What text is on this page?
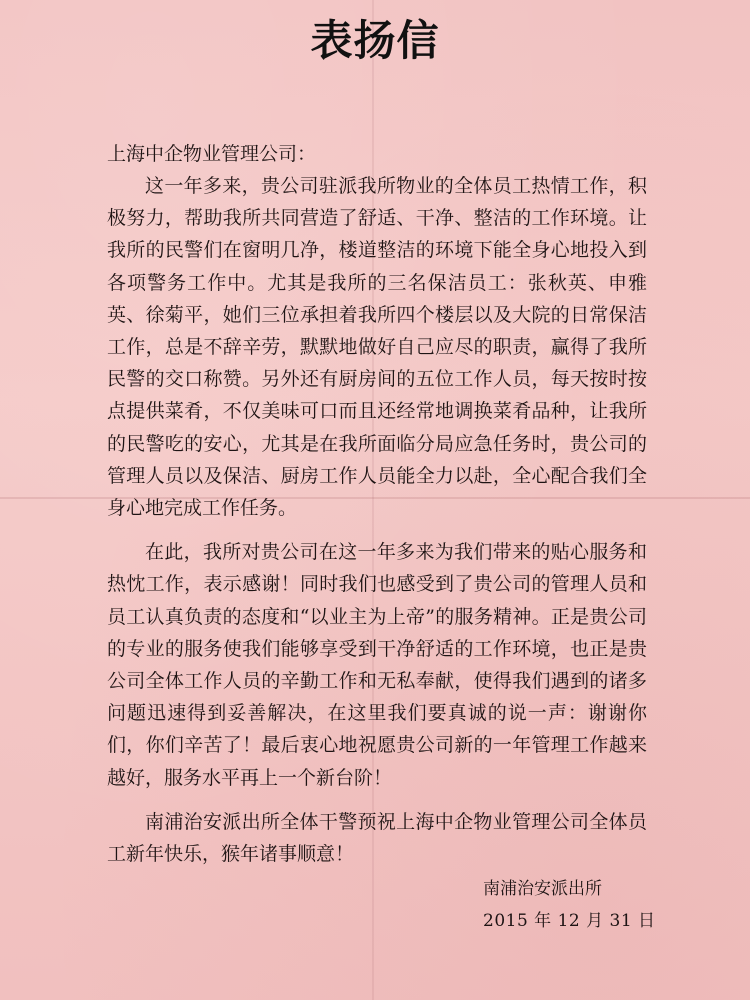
表扬信
上海中企物业管理公司：

这一年多来，贵公司驻派我所物业的全体员工热情工作，积极努力，帮助我所共同营造了舒适、干净、整洁的工作环境。让我所的民警们在窗明几净，楼道整洁的环境下能全身心地投入到各项警务工作中。尤其是我所的三名保洁员工：张秋英、申雅英、徐菊平，她们三位承担着我所四个楼层以及大院的日常保洁工作，总是不辞辛劳，默默地做好自己应尽的职责，赢得了我所民警的交口称赞。另外还有厨房间的五位工作人员，每天按时按点提供菜肴，不仅美味可口而且还经常地调换菜肴品种，让我所的民警吃的安心，尤其是在我所面临分局应急任务时，贵公司的管理人员以及保洁、厨房工作人员能全力以赴，全心配合我们全身心地完成工作任务。

在此，我所对贵公司在这一年多来为我们带来的贴心服务和热忱工作，表示感谢！同时我们也感受到了贵公司的管理人员和员工认真负责的态度和“以业主为上帝”的服务精神。正是贵公司的专业的服务使我们能够享受到干净舒适的工作环境，也正是贵公司全体工作人员的辛勤工作和无私奉献，使得我们遇到的诸多问题迅速得到妥善解决，在这里我们要真诚的说一声：谢谢你们，你们辛苦了！最后衷心地祝愿贵公司新的一年管理工作越来越好，服务水平再上一个新台阶！

南浦治安派出所全体干警预祝上海中企物业管理公司全体员工新年快乐，猴年诸事顺意！

南浦治安派出所
2015 年 12 月 31 日
